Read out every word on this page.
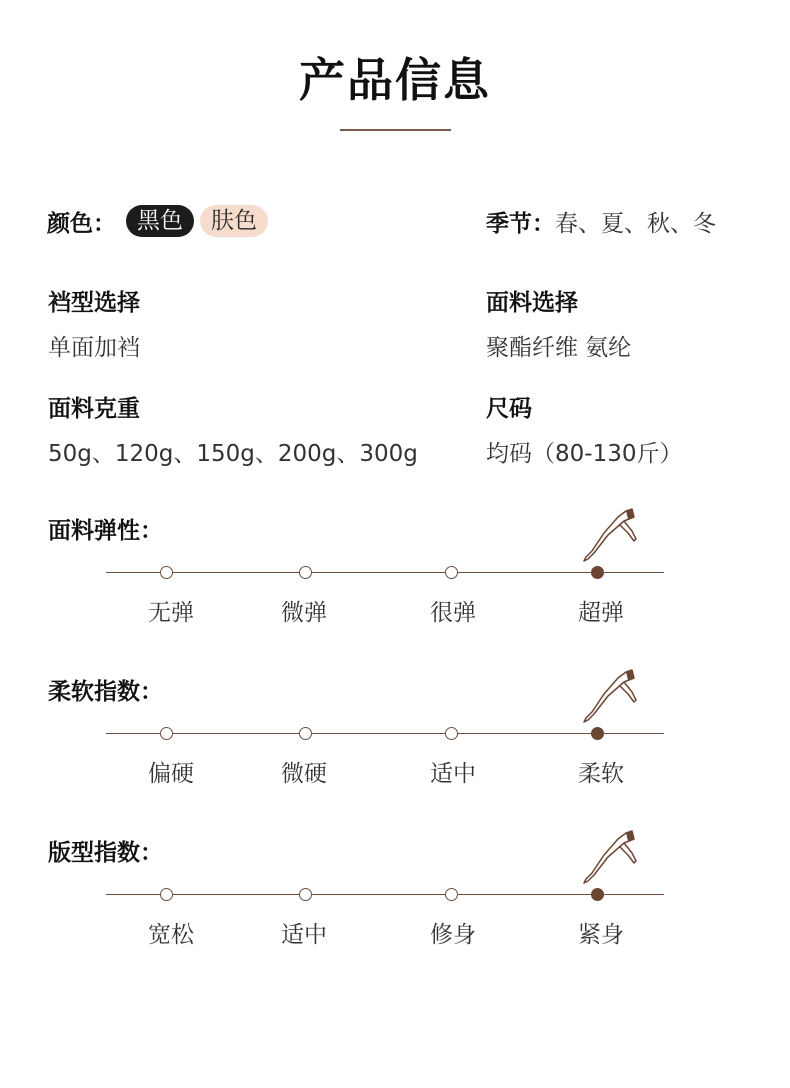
产品信息
颜色： 黑色	肤色	季节：春、夏、秋、冬
裆型选择
单面加裆
面料选择
聚酯纤维 氨纶
面料克重
50g、120g、150g、200g、300g
尺码
均码（80-130斤）
面料弹性：
无弹	微弹	很弹	超弹
柔软指数：
偏硬	微硬	适中	柔软
版型指数：
宽松	适中	修身	紧身
